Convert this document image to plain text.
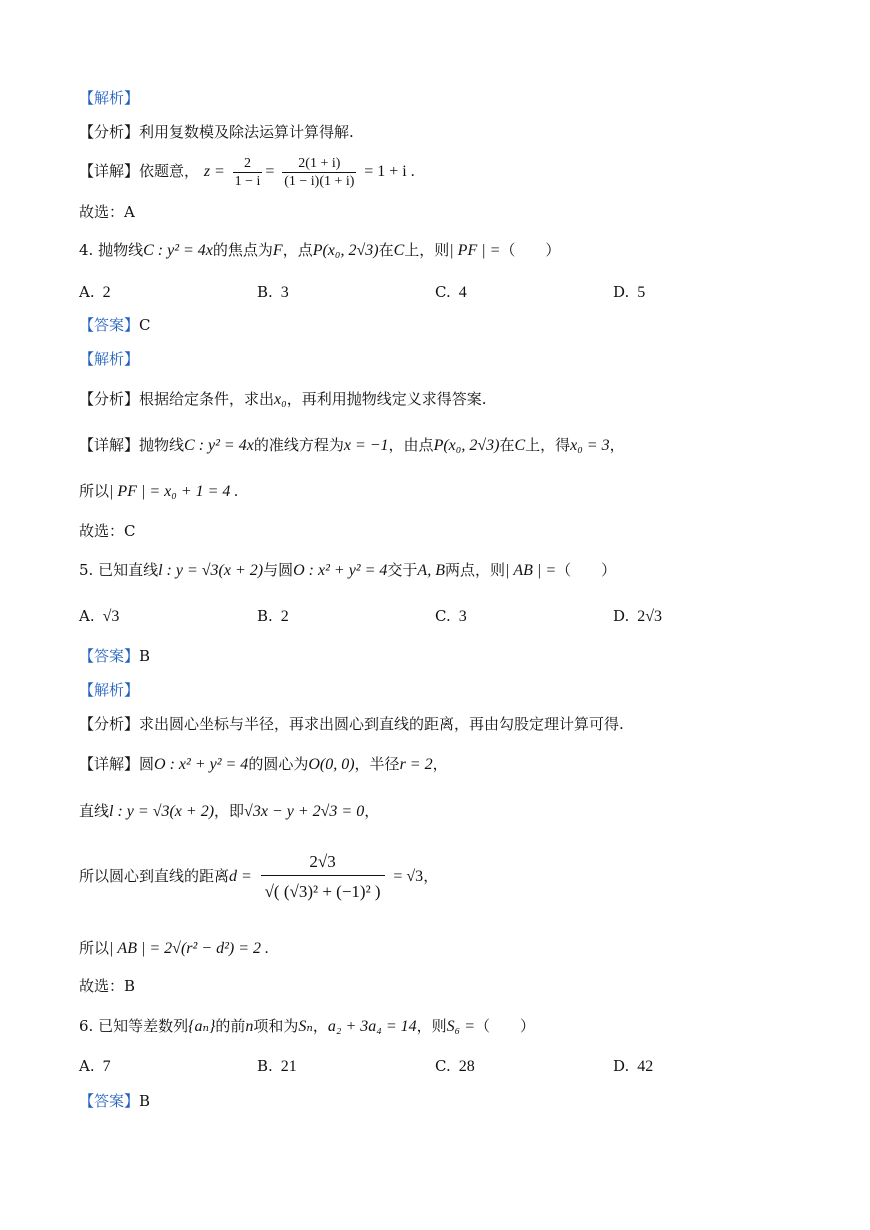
【解析】
【分析】利用复数模及除法运算计算得解.
【详解】依题意， $z = \frac{2}{1 - i} = \frac{2(1 + i)}{(1 - i)(1 + i)} = 1 + i$ .
故选：A
4. 抛物线C : y² = 4x的焦点为F，点P(x₀, 2√3)在C上，则| PF | =（　　）
A. 2	B. 3	C. 4	D. 5
【答案】C
【解析】
【分析】根据给定条件，求出x₀，再利用抛物线定义求得答案.
【详解】抛物线C : y² = 4x的准线方程为x = −1，由点P(x₀, 2√3)在C上，得x₀ = 3，
所以| PF | = x₀ + 1 = 4 .
故选：C
5. 已知直线l : y = √3(x + 2)与圆O : x² + y² = 4交于A, B两点，则| AB | =（　　）
A. √3	B. 2	C. 3	D. 2√3
【答案】B
【解析】
【分析】求出圆心坐标与半径，再求出圆心到直线的距离，再由勾股定理计算可得.
【详解】圆O : x² + y² = 4的圆心为O(0, 0)，半径r = 2，
直线l : y = √3(x + 2)，即√3x − y + 2√3 = 0，
所以圆心到直线的距离$d = \frac{2√3}{\text{√( (√3)² + (−1)² )}} = √3$，
所以| AB | = 2√(r² − d²) = 2 .
故选：B
6. 已知等差数列{aₙ}的前n项和为Sₙ，a₂ + 3a₄ = 14，则S₆ =（　　）
A. 7	B. 21	C. 28	D. 42
【答案】B
